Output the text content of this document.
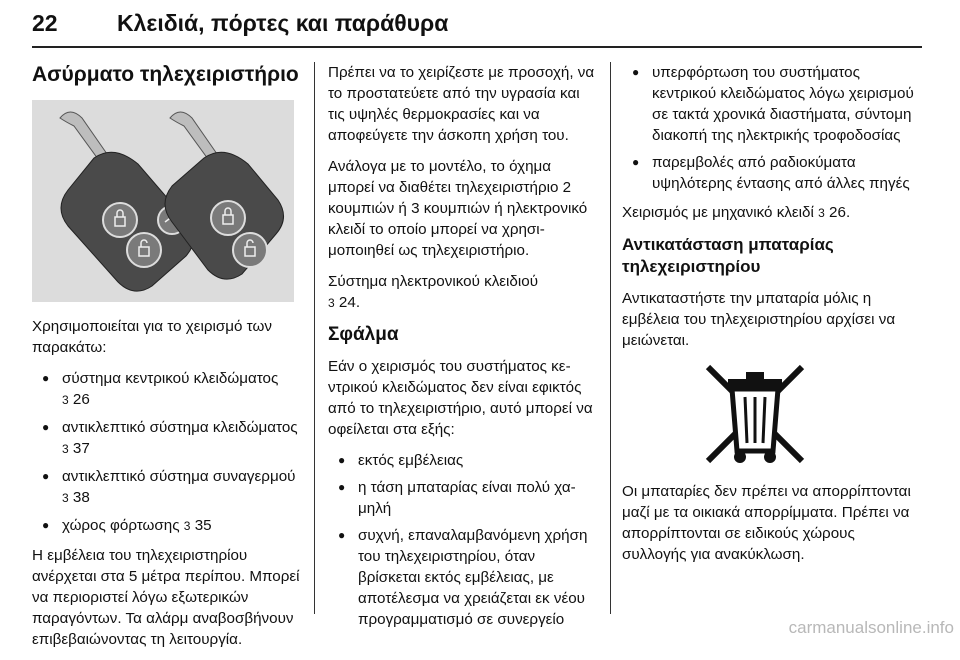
22	Κλειδιά, πόρτες και παράθυρα
Ασύρματο τηλεχειριστήριο

Χρησιμοποιείται για το χειρισμό των παρακάτω:

● σύστημα κεντρικού κλειδώματος
3 26
● αντικλεπτικό σύστημα κλειδώματος 3 37
● αντικλεπτικό σύστημα συναγερμού 3 38
● χώρος φόρτωσης 3 35

Η εμβέλεια του τηλεχειριστηρίου ανέρχεται στα 5 μέτρα περίπου. Μπορεί να περιοριστεί λόγω εξωτερικών παραγόντων. Τα αλάρμ αναβοσβήνουν επιβεβαιώνοντας τη λειτουργία.

Πρέπει να το χειρίζεστε με προσοχή, να το προστατεύετε από την υγρασία και τις υψηλές θερμοκρασίες και να αποφεύγετε την άσκοπη χρήση του.

Ανάλογα με το μοντέλο, το όχημα μπορεί να διαθέτει τηλεχειριστήριο 2 κουμπιών ή 3 κουμπιών ή ηλεκτρονικό κλειδί το οποίο μπορεί να χρησιμοποιηθεί ως τηλεχειριστήριο.

Σύστημα ηλεκτρονικού κλειδιού
3 24.

Σφάλμα

Εάν ο χειρισμός του συστήματος κεντρικού κλειδώματος δεν είναι εφικτός από το τηλεχειριστήριο, αυτό μπορεί να οφείλεται στα εξής:

● εκτός εμβέλειας
● η τάση μπαταρίας είναι πολύ χαμηλή
● συχνή, επαναλαμβανόμενη χρήση του τηλεχειριστηρίου, όταν βρίσκεται εκτός εμβέλειας, με αποτέλεσμα να χρειάζεται εκ νέου προγραμματισμό σε συνεργείο
● υπερφόρτωση του συστήματος κεντρικού κλειδώματος λόγω χειρισμού σε τακτά χρονικά διαστήματα, σύντομη διακοπή της ηλεκτρικής τροφοδοσίας
● παρεμβολές από ραδιοκύματα υψηλότερης έντασης από άλλες πηγές

Χειρισμός με μηχανικό κλειδί 3 26.

Αντικατάσταση μπαταρίας τηλεχειριστηρίου

Αντικαταστήστε την μπαταρία μόλις η εμβέλεια του τηλεχειριστηρίου αρχίσει να μειώνεται.

Οι μπαταρίες δεν πρέπει να απορρίπτονται μαζί με τα οικιακά απορρίμματα. Πρέπει να απορρίπτονται σε ειδικούς χώρους συλλογής για ανακύκλωση.

carmanualsonline.info
